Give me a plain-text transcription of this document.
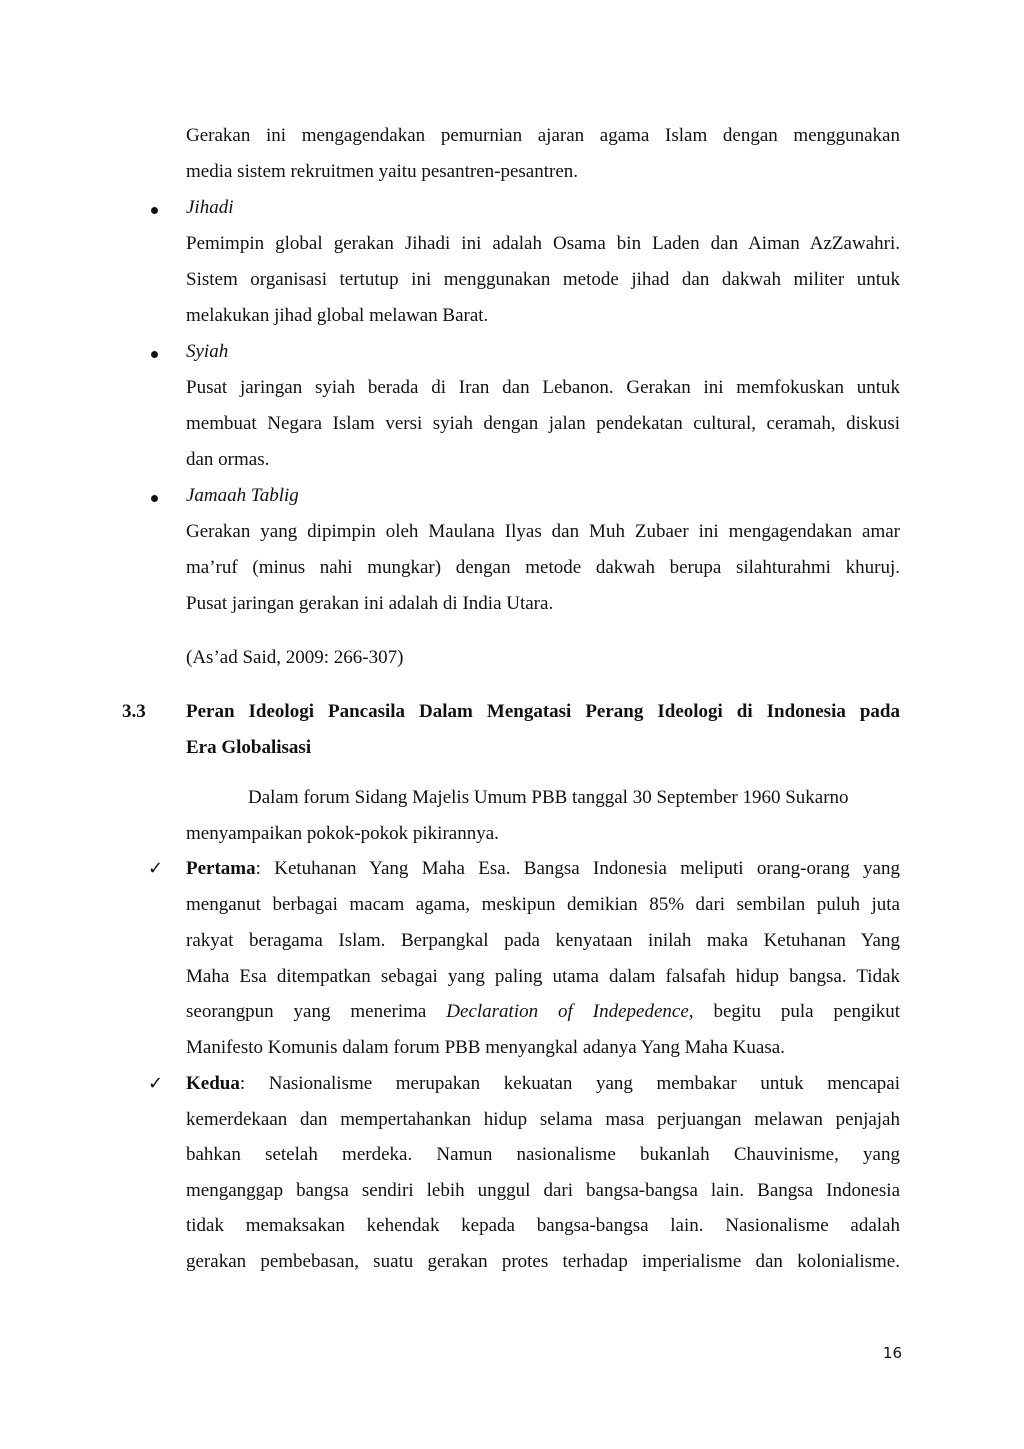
Gerakan ini mengagendakan pemurnian ajaran agama Islam dengan menggunakan
media sistem rekruitmen yaitu pesantren-pesantren.
Jihadi
Pemimpin global gerakan Jihadi ini adalah Osama bin Laden dan Aiman AzZawahri.
Sistem organisasi tertutup ini menggunakan metode jihad dan dakwah militer untuk
melakukan jihad global melawan Barat.
Syiah
Pusat jaringan syiah berada di Iran dan Lebanon. Gerakan ini memfokuskan untuk
membuat Negara Islam versi syiah dengan jalan pendekatan cultural, ceramah, diskusi
dan ormas.
Jamaah Tablig
Gerakan yang dipimpin oleh Maulana Ilyas dan Muh Zubaer ini mengagendakan amar
ma’ruf (minus nahi mungkar) dengan metode dakwah berupa silahturahmi khuruj.
Pusat jaringan gerakan ini adalah di India Utara.
(As’ad Said, 2009: 266-307)
3.3 Peran Ideologi Pancasila Dalam Mengatasi Perang Ideologi di Indonesia pada
Era Globalisasi
Dalam forum Sidang Majelis Umum PBB tanggal 30 September 1960 Sukarno
menyampaikan pokok-pokok pikirannya.
✓ Pertama: Ketuhanan Yang Maha Esa. Bangsa Indonesia meliputi orang-orang yang
menganut berbagai macam agama, meskipun demikian 85% dari sembilan puluh juta
rakyat beragama Islam. Berpangkal pada kenyataan inilah maka Ketuhanan Yang
Maha Esa ditempatkan sebagai yang paling utama dalam falsafah hidup bangsa. Tidak
seorangpun yang menerima Declaration of Indepedence, begitu pula pengikut
Manifesto Komunis dalam forum PBB menyangkal adanya Yang Maha Kuasa.
✓ Kedua: Nasionalisme merupakan kekuatan yang membakar untuk mencapai
kemerdekaan dan mempertahankan hidup selama masa perjuangan melawan penjajah
bahkan setelah merdeka. Namun nasionalisme bukanlah Chauvinisme, yang
menganggap bangsa sendiri lebih unggul dari bangsa-bangsa lain. Bangsa Indonesia
tidak memaksakan kehendak kepada bangsa-bangsa lain. Nasionalisme adalah
gerakan pembebasan, suatu gerakan protes terhadap imperialisme dan kolonialisme.
16
